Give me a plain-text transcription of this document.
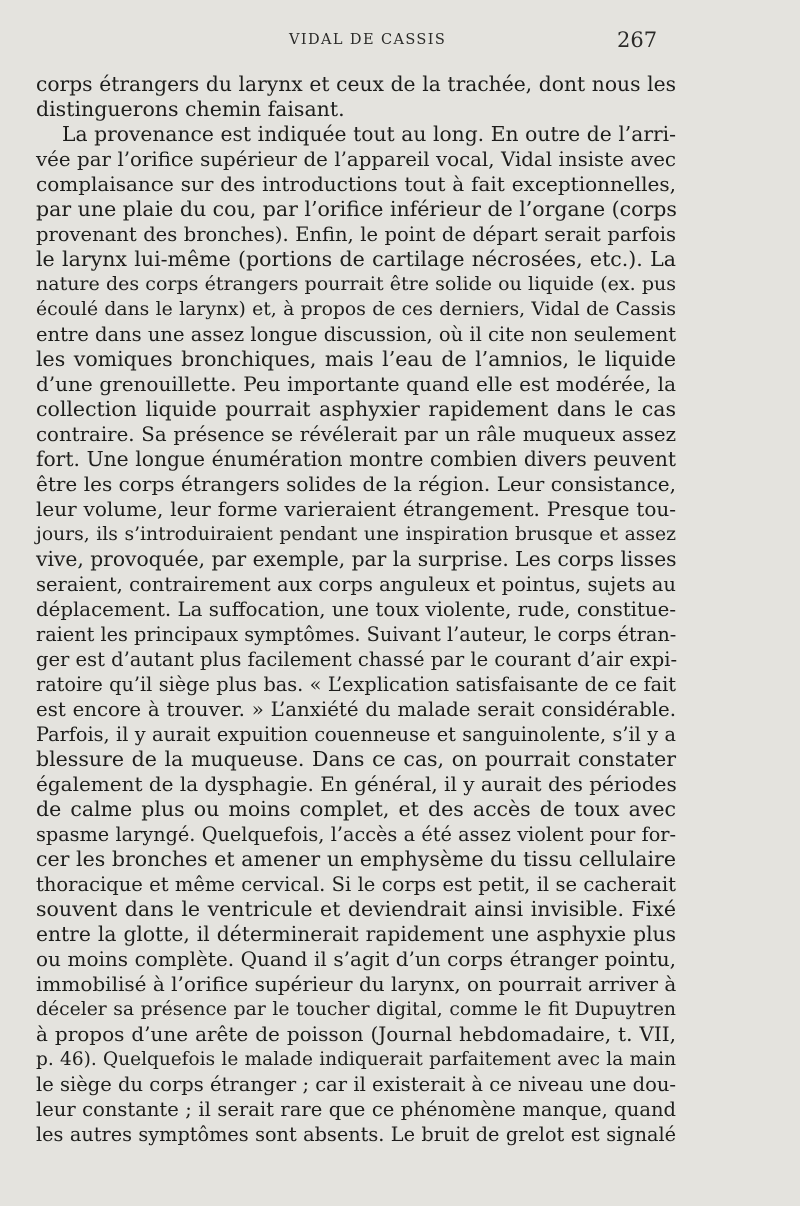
VIDAL DE CASSIS	267
corps étrangers du larynx et ceux de la trachée, dont nous les
distinguerons chemin faisant.
La provenance est indiquée tout au long. En outre de l’arri-
vée par l’orifice supérieur de l’appareil vocal, Vidal insiste avec
complaisance sur des introductions tout à fait exceptionnelles,
par une plaie du cou, par l’orifice inférieur de l’organe (corps
provenant des bronches). Enfin, le point de départ serait parfois
le larynx lui-même (portions de cartilage nécrosées, etc.). La
nature des corps étrangers pourrait être solide ou liquide (ex. pus
écoulé dans le larynx) et, à propos de ces derniers, Vidal de Cassis
entre dans une assez longue discussion, où il cite non seulement
les vomiques bronchiques, mais l’eau de l’amnios, le liquide
d’une grenouillette. Peu importante quand elle est modérée, la
collection liquide pourrait asphyxier rapidement dans le cas
contraire. Sa présence se révélerait par un râle muqueux assez
fort. Une longue énumération montre combien divers peuvent
être les corps étrangers solides de la région. Leur consistance,
leur volume, leur forme varieraient étrangement. Presque tou-
jours, ils s’introduiraient pendant une inspiration brusque et assez
vive, provoquée, par exemple, par la surprise. Les corps lisses
seraient, contrairement aux corps anguleux et pointus, sujets au
déplacement. La suffocation, une toux violente, rude, constitue-
raient les principaux symptômes. Suivant l’auteur, le corps étran-
ger est d’autant plus facilement chassé par le courant d’air expi-
ratoire qu’il siège plus bas. « L’explication satisfaisante de ce fait
est encore à trouver. » L’anxiété du malade serait considérable.
Parfois, il y aurait expuition couenneuse et sanguinolente, s’il y a
blessure de la muqueuse. Dans ce cas, on pourrait constater
également de la dysphagie. En général, il y aurait des périodes
de calme plus ou moins complet, et des accès de toux avec
spasme laryngé. Quelquefois, l’accès a été assez violent pour for-
cer les bronches et amener un emphysème du tissu cellulaire
thoracique et même cervical. Si le corps est petit, il se cacherait
souvent dans le ventricule et deviendrait ainsi invisible. Fixé
entre la glotte, il déterminerait rapidement une asphyxie plus
ou moins complète. Quand il s’agit d’un corps étranger pointu,
immobilisé à l’orifice supérieur du larynx, on pourrait arriver à
déceler sa présence par le toucher digital, comme le fit Dupuytren
à propos d’une arête de poisson (Journal hebdomadaire, t. VII,
p. 46). Quelquefois le malade indiquerait parfaitement avec la main
le siège du corps étranger ; car il existerait à ce niveau une dou-
leur constante ; il serait rare que ce phénomène manque, quand
les autres symptômes sont absents. Le bruit de grelot est signalé
